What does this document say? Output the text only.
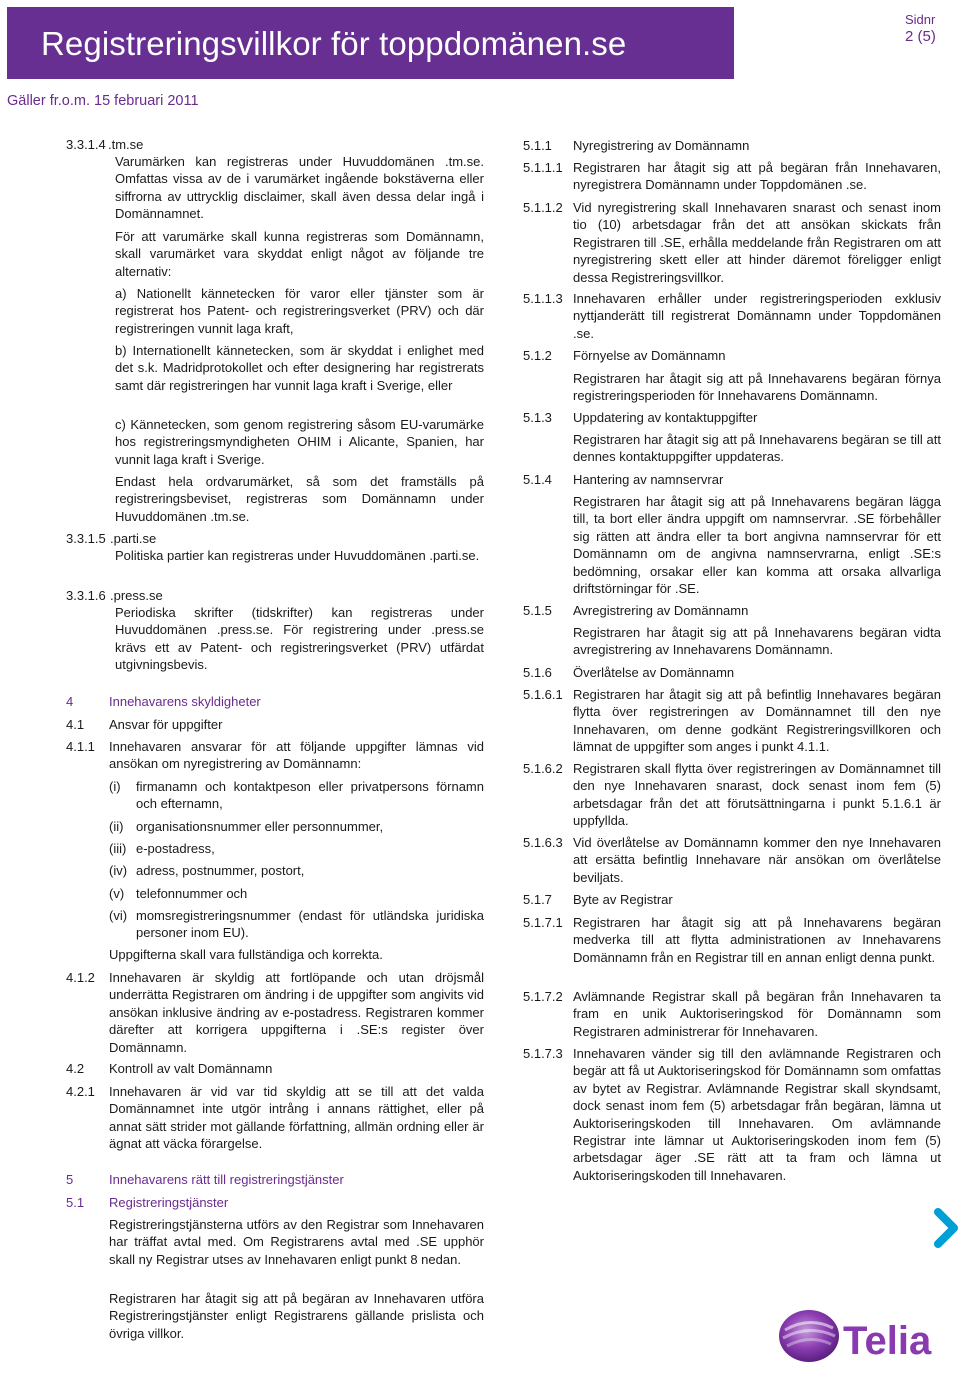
Registreringsvillkor för toppdomänen.se
Sidnr
2 (5)
Gäller fr.o.m. 15 februari 2011
3.3.1.4 .tm.se

Varumärken kan registreras under Huvuddomänen .tm.se. Omfattas vissa av de i varumärket ingående bokstäverna eller siffrorna av uttrycklig disclaimer, skall även dessa delar ingå i Domännamnet.

För att varumärke skall kunna registreras som Domännamn, skall varumärket vara skyddat enligt något av följande tre alternativ:

a) Nationellt kännetecken för varor eller tjänster som är registrerat hos Patent- och registreringsverket (PRV) och där registreringen vunnit laga kraft,

b) Internationellt kännetecken, som är skyddat i enlighet med det s.k. Madridprotokollet och efter designering har registrerats samt där registreringen har vunnit laga kraft i Sverige, eller

c) Kännetecken, som genom registrering såsom EU-varumärke hos registreringsmyndigheten OHIM i Alicante, Spanien, har vunnit laga kraft i Sverige.

Endast hela ordvarumärket, så som det framställs på registreringsbeviset, registreras som Domännamn under Huvuddomänen .tm.se.

3.3.1.5 .parti.se

Politiska partier kan registreras under Huvuddomänen .parti.se.

3.3.1.6 .press.se

Periodiska skrifter (tidskrifter) kan registreras under Huvuddomänen .press.se. För registrering under .press.se krävs ett av Patent- och registreringsverket (PRV) utfärdat utgivningsbevis.

4	Innehavarens skyldigheter
4.1 Ansvar för uppgifter
4.1.1 Innehavaren ansvarar för att följande uppgifter lämnas vid ansökan om nyregistrering av Domännamn:

(i) firmanamn och kontaktpeson eller privatpersons förnamn och efternamn,
(ii) organisationsnummer eller personnummer,
(iii) e-postadress,
(iv) adress, postnummer, postort,
(v) telefonnummer och
(vi) momsregistreringsnummer (endast för utländska juridiska personer inom EU).

Uppgifterna skall vara fullständiga och korrekta.

4.1.2 Innehavaren är skyldig att fortlöpande och utan dröjsmål underrätta Registraren om ändring i de uppgifter som angivits vid ansökan inklusive ändring av e-postadress. Registraren kommer därefter att korrigera uppgifterna i .SE:s register över Domännamn.

4.2 Kontroll av valt Domännamn
4.2.1 Innehavaren är vid var tid skyldig att se till att det valda Domännamnet inte utgör intrång i annans rättighet, eller på annat sätt strider mot gällande författning, allmän ordning eller är ägnat att väcka förargelse.

5	Innehavarens rätt till registreringstjänster
5.1 Registreringstjänster

Registreringstjänsterna utförs av den Registrar som Innehavaren har träffat avtal med. Om Registrarens avtal med .SE upphör skall ny Registrar utses av Innehavaren enligt punkt 8 nedan.

Registraren har åtagit sig att på begäran av Innehavaren utföra Registreringstjänster enligt Registrarens gällande prislista och övriga villkor.

5.1.1 Nyregistrering av Domännamn
5.1.1.1 Registraren har åtagit sig att på begäran från Innehavaren, nyregistrera Domännamn under Toppdomänen .se.

5.1.1.2 Vid nyregistrering skall Innehavaren snarast och senast inom tio (10) arbetsdagar från det att ansökan skickats från Registraren till .SE, erhålla meddelande från Registraren om att nyregistrering skett eller att hinder däremot föreligger enligt dessa Registreringsvillkor.

5.1.1.3 Innehavaren erhåller under registreringsperioden exklusiv nyttjanderätt till registrerat Domännamn under Toppdomänen .se.

5.1.2 Förnyelse av Domännamn

Registraren har åtagit sig att på Innehavarens begäran förnya registreringsperioden för Innehavarens Domännamn.

5.1.3 Uppdatering av kontaktuppgifter

Registraren har åtagit sig att på Innehavarens begäran se till att dennes kontaktuppgifter uppdateras.

5.1.4 Hantering av namnservrar

Registraren har åtagit sig att på Innehavarens begäran lägga till, ta bort eller ändra uppgift om namnservrar. .SE förbehåller sig rätten att ändra eller ta bort angivna namnservrar för ett Domännamn om de angivna namnservrarna, enligt .SE:s bedömning, orsakar eller kan komma att orsaka allvarliga driftstörningar för .SE.

5.1.5 Avregistrering av Domännamn

Registraren har åtagit sig att på Innehavarens begäran vidta avregistrering av Innehavarens Domännamn.

5.1.6 Överlåtelse av Domännamn
5.1.6.1 Registraren har åtagit sig att på befintlig Innehavares begäran flytta över registreringen av Domännamnet till den nye Innehavaren, om denne godkänt Registreringsvillkoren och lämnat de uppgifter som anges i punkt 4.1.1.

5.1.6.2 Registraren skall flytta över registreringen av Domännamnet till den nye Innehavaren snarast, dock senast inom fem (5) arbetsdagar från det att förutsättningarna i punkt 5.1.6.1 är uppfyllda.

5.1.6.3 Vid överlåtelse av Domännamn kommer den nye Innehavaren att ersätta befintlig Innehavare när ansökan om överlåtelse beviljats.

5.1.7 Byte av Registrar
5.1.7.1 Registraren har åtagit sig att på Innehavarens begäran medverka till att flytta administrationen av Innehavarens Domännamn från en Registrar till en annan enligt denna punkt.

5.1.7.2 Avlämnande Registrar skall på begäran från Innehavaren ta fram en unik Auktoriseringskod för Domännamn som Registraren administrerar för Innehavaren.

5.1.7.3 Innehavaren vänder sig till den avlämnande Registraren och begär att få ut Auktoriseringskod för Domännamn som omfattas av bytet av Registrar. Avlämnande Registrar skall skyndsamt, dock senast inom fem (5) arbetsdagar från begäran, lämna ut Auktoriseringskoden till Innehavaren. Om avlämnande Registrar inte lämnar ut Auktoriseringskoden inom fem (5) arbetsdagar äger .SE rätt att ta fram och lämna ut Auktoriseringskoden till Innehavaren.

Telia
